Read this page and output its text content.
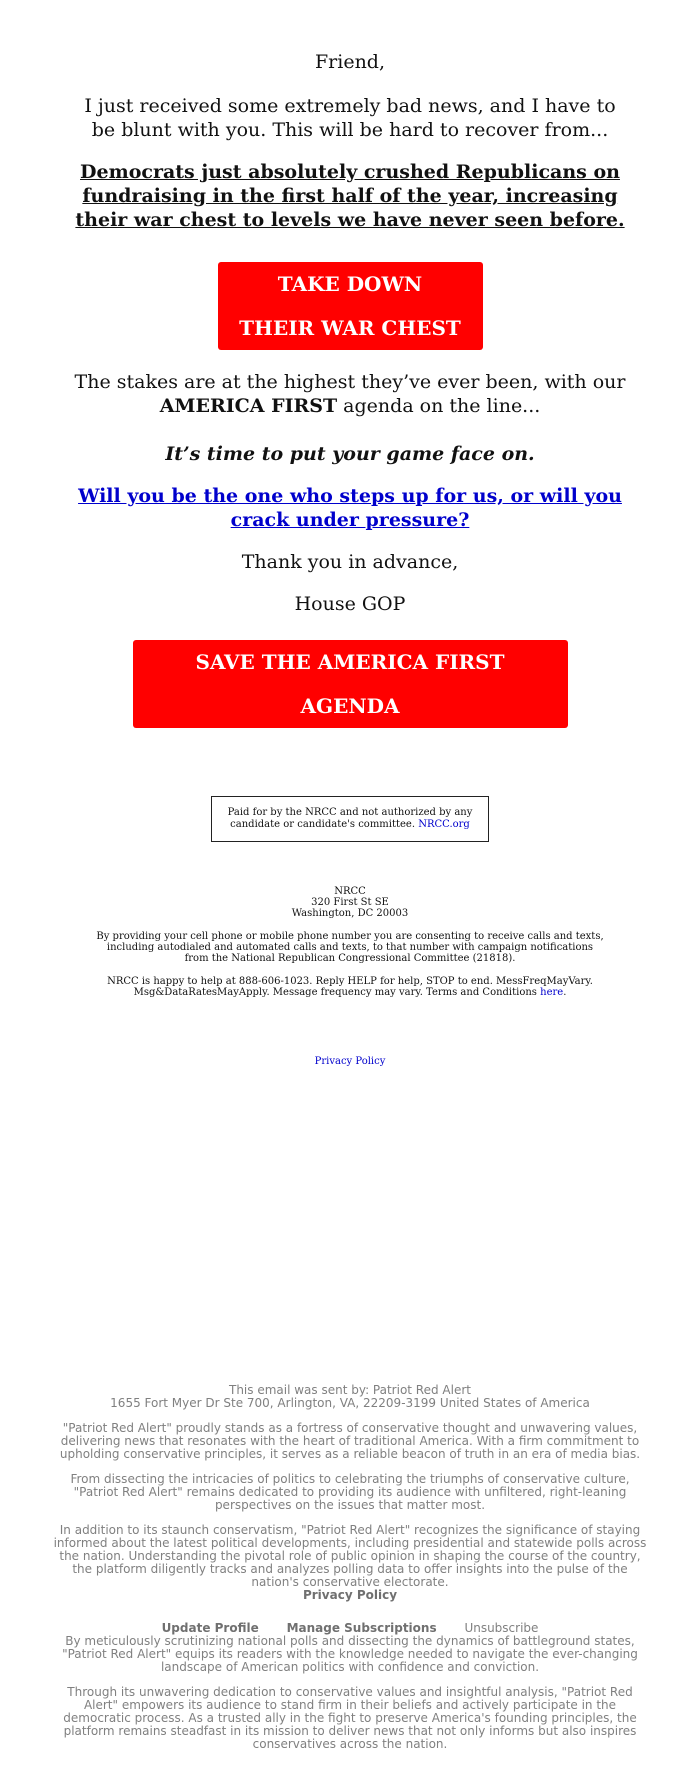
Friend,

I just received some extremely bad news, and I have to be blunt with you. This will be hard to recover from...

Democrats just absolutely crushed Republicans on fundraising in the first half of the year, increasing their war chest to levels we have never seen before.

TAKE DOWN THEIR WAR CHEST

The stakes are at the highest they’ve ever been, with our
AMERICA FIRST agenda on the line...

It’s time to put your game face on.

Will you be the one who steps up for us, or will you crack under pressure?

Thank you in advance,

House GOP

SAVE THE AMERICA FIRST AGENDA
Paid for by the NRCC and not authorized by any candidate or candidate's committee. NRCC.org
NRCC
320 First St SE
Washington, DC 20003

By providing your cell phone or mobile phone number you are consenting to receive calls and texts, including autodialed and automated calls and texts, to that number with campaign notifications from the National Republican Congressional Committee (21818).

NRCC is happy to help at 888-606-1023. Reply HELP for help, STOP to end. MessFreqMayVary. Msg&DataRatesMayApply. Message frequency may vary. Terms and Conditions here.

Privacy Policy

This email was sent by: Patriot Red Alert

1655 Fort Myer Dr Ste 700, Arlington, VA, 22209-3199 United States of America

"Patriot Red Alert" proudly stands as a fortress of conservative thought and unwavering values, delivering news that resonates with the heart of traditional America. With a firm commitment to upholding conservative principles, it serves as a reliable beacon of truth in an era of media bias.

From dissecting the intricacies of politics to celebrating the triumphs of conservative culture, "Patriot Red Alert" remains dedicated to providing its audience with unfiltered, right-leaning perspectives on the issues that matter most.

In addition to its staunch conservatism, "Patriot Red Alert" recognizes the significance of staying informed about the latest political developments, including presidential and statewide polls across the nation. Understanding the pivotal role of public opinion in shaping the course of the country, the platform diligently tracks and analyzes polling data to offer insights into the pulse of the nation's conservative electorate.

Privacy Policy

Update Profile Manage Subscriptions Unsubscribe

By meticulously scrutinizing national polls and dissecting the dynamics of battleground states, "Patriot Red Alert" equips its readers with the knowledge needed to navigate the ever-changing landscape of American politics with confidence and conviction.

Through its unwavering dedication to conservative values and insightful analysis, "Patriot Red Alert" empowers its audience to stand firm in their beliefs and actively participate in the democratic process. As a trusted ally in the fight to preserve America's founding principles, the platform remains steadfast in its mission to deliver news that not only informs but also inspires conservatives across the nation.
